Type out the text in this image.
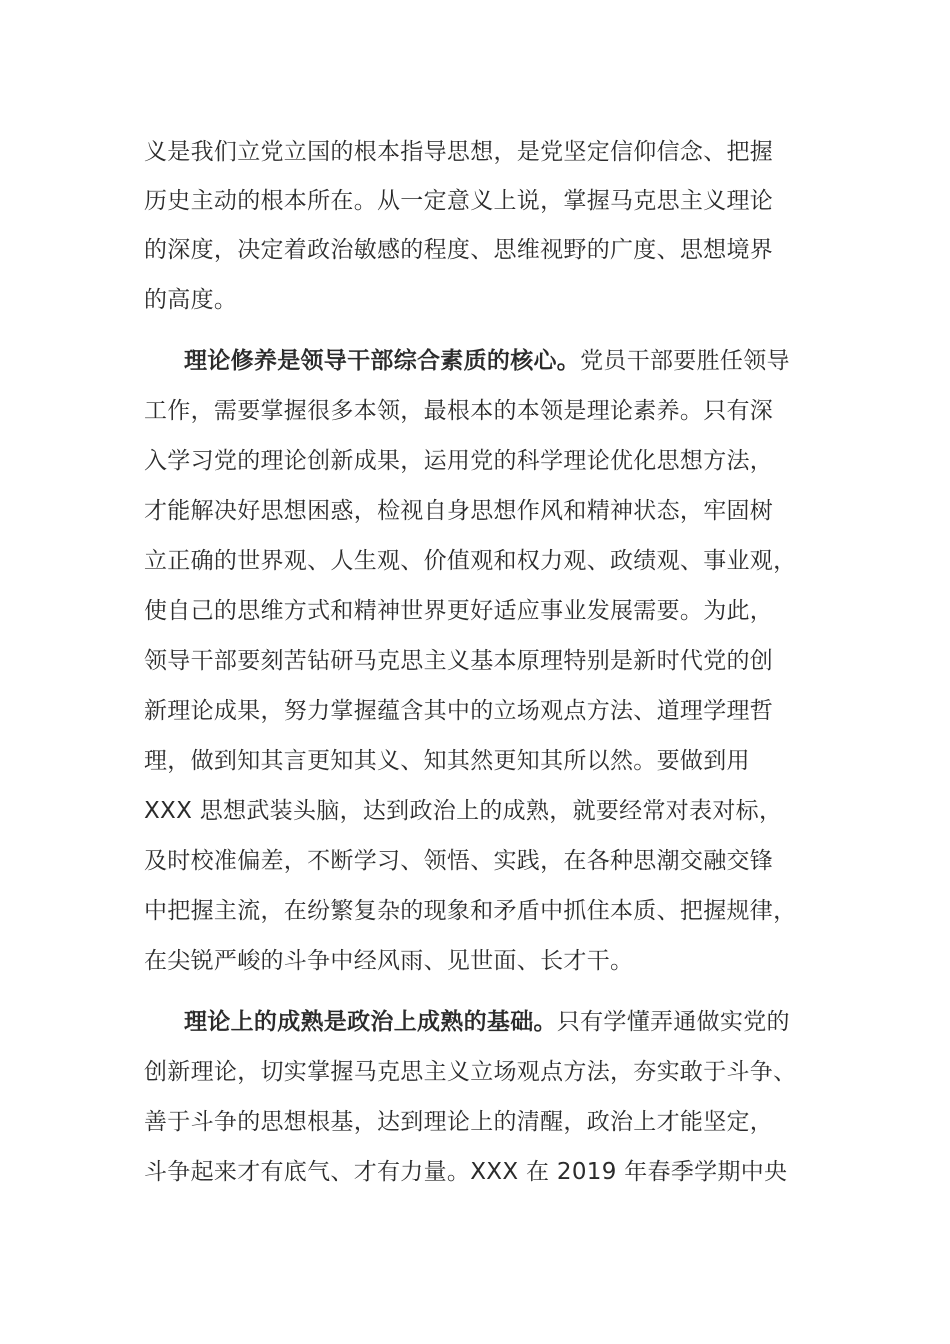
义是我们立党立国的根本指导思想，是党坚定信仰信念、把握
历史主动的根本所在。从一定意义上说，掌握马克思主义理论
的深度，决定着政治敏感的程度、思维视野的广度、思想境界
的高度。
理论修养是领导干部综合素质的核心。党员干部要胜任领导
工作，需要掌握很多本领，最根本的本领是理论素养。只有深
入学习党的理论创新成果，运用党的科学理论优化思想方法，
才能解决好思想困惑，检视自身思想作风和精神状态，牢固树
立正确的世界观、人生观、价值观和权力观、政绩观、事业观，
使自己的思维方式和精神世界更好适应事业发展需要。为此，
领导干部要刻苦钻研马克思主义基本原理特别是新时代党的创
新理论成果，努力掌握蕴含其中的立场观点方法、道理学理哲
理，做到知其言更知其义、知其然更知其所以然。要做到用
XXX 思想武装头脑，达到政治上的成熟，就要经常对表对标，
及时校准偏差，不断学习、领悟、实践，在各种思潮交融交锋
中把握主流，在纷繁复杂的现象和矛盾中抓住本质、把握规律，
在尖锐严峻的斗争中经风雨、见世面、长才干。
理论上的成熟是政治上成熟的基础。只有学懂弄通做实党的
创新理论，切实掌握马克思主义立场观点方法，夯实敢于斗争、
善于斗争的思想根基，达到理论上的清醒，政治上才能坚定，
斗争起来才有底气、才有力量。XXX 在 2019 年春季学期中央
